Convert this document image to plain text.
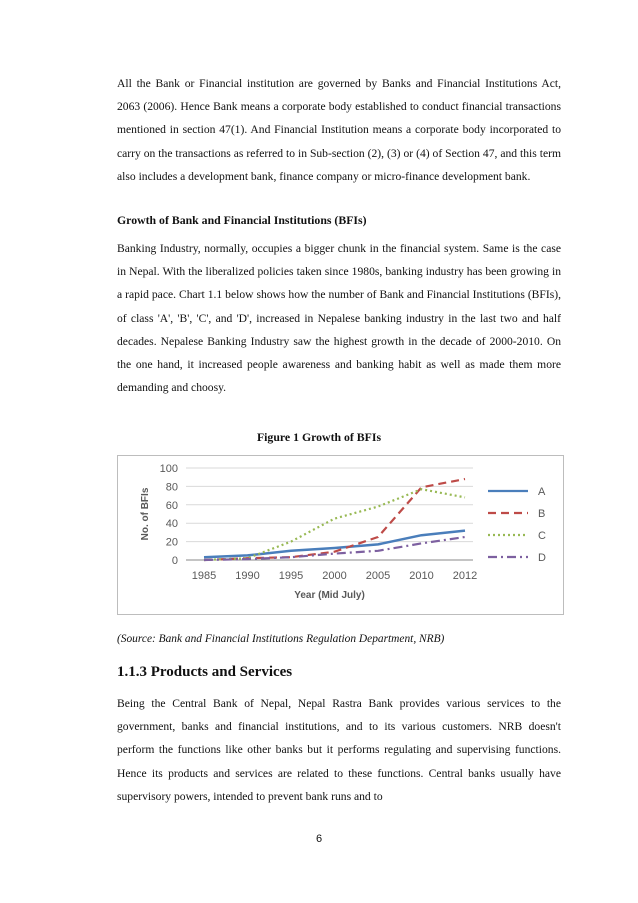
All the Bank or Financial institution are governed by Banks and Financial Institutions Act, 2063 (2006). Hence Bank means a corporate body established to conduct financial transactions mentioned in section 47(1). And Financial Institution means a corporate body incorporated to carry on the transactions as referred to in Sub-section (2), (3) or (4) of Section 47, and this term also includes a development bank, finance company or micro-finance development bank.

Growth of Bank and Financial Institutions (BFIs)

Banking Industry, normally, occupies a bigger chunk in the financial system. Same is the case in Nepal. With the liberalized policies taken since 1980s, banking industry has been growing in a rapid pace. Chart 1.1 below shows how the number of Bank and Financial Institutions (BFIs), of class 'A', 'B', 'C', and 'D', increased in Nepalese banking industry in the last two and half decades. Nepalese Banking Industry saw the highest growth in the decade of 2000-2010. On the one hand, it increased people awareness and banking habit as well as made them more demanding and choosy.

Figure 1 Growth of BFIs

0
20
40
60
80
100
1985 1990 1995 2000 2005 2010 2012
Year (Mid July)
No. of BFIs	A
B
C
D

(Source: Bank and Financial Institutions Regulation Department, NRB)

1.1.3 Products and Services

Being the Central Bank of Nepal, Nepal Rastra Bank provides various services to the government, banks and financial institutions, and to its various customers. NRB doesn't perform the functions like other banks but it performs regulating and supervising functions. Hence its products and services are related to these functions. Central banks usually have supervisory powers, intended to prevent bank runs and to

6
